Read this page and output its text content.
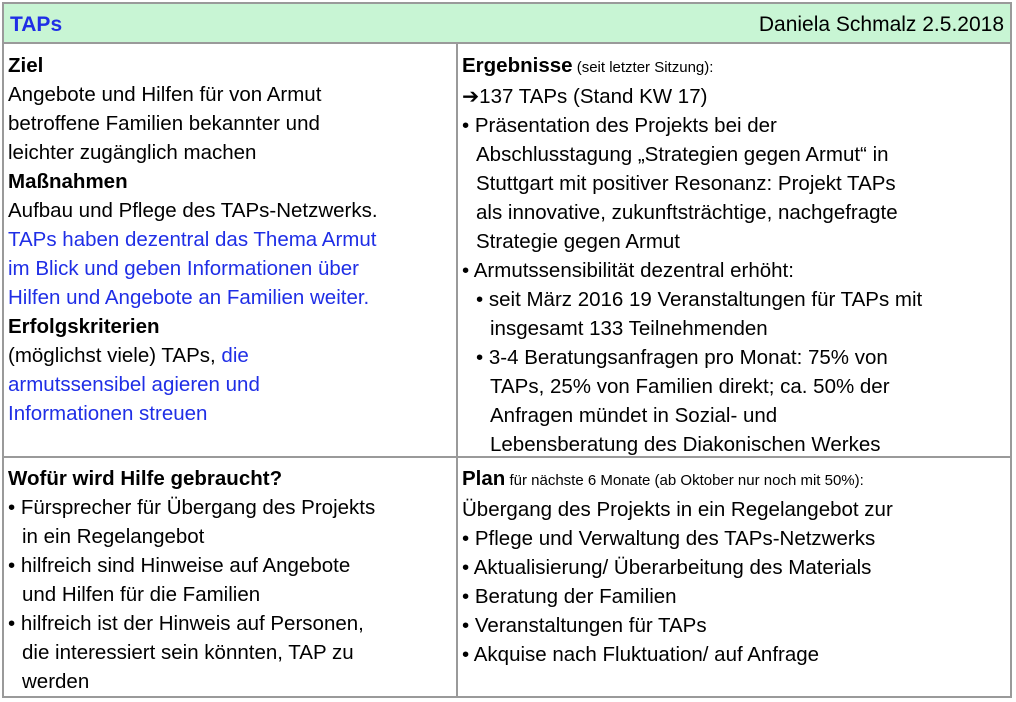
TAPs	Daniela Schmalz 2.5.2018
Ziel
Angebote und Hilfen für von Armut
betroffene Familien bekannter und
leichter zugänglich machen
Maßnahmen
Aufbau und Pflege des TAPs-Netzwerks.
TAPs haben dezentral das Thema Armut
im Blick und geben Informationen über
Hilfen und Angebote an Familien weiter.
Erfolgskriterien
(möglichst viele) TAPs, die
armutssensibel agieren und
Informationen streuen
Ergebnisse (seit letzter Sitzung):
➔137 TAPs (Stand KW 17)
• Präsentation des Projekts bei der
Abschlusstagung „Strategien gegen Armut“ in
Stuttgart mit positiver Resonanz: Projekt TAPs
als innovative, zukunftsträchtige, nachgefragte
Strategie gegen Armut
• Armutssensibilität dezentral erhöht:
• seit März 2016 19 Veranstaltungen für TAPs mit
insgesamt 133 Teilnehmenden
• 3-4 Beratungsanfragen pro Monat: 75% von
TAPs, 25% von Familien direkt; ca. 50% der
Anfragen mündet in Sozial- und
Lebensberatung des Diakonischen Werkes
Wofür wird Hilfe gebraucht?
• Fürsprecher für Übergang des Projekts
in ein Regelangebot
• hilfreich sind Hinweise auf Angebote
und Hilfen für die Familien
• hilfreich ist der Hinweis auf Personen,
die interessiert sein könnten, TAP zu
werden
Plan für nächste 6 Monate (ab Oktober nur noch mit 50%):
Übergang des Projekts in ein Regelangebot zur
• Pflege und Verwaltung des TAPs-Netzwerks
• Aktualisierung/ Überarbeitung des Materials
• Beratung der Familien
• Veranstaltungen für TAPs
• Akquise nach Fluktuation/ auf Anfrage
